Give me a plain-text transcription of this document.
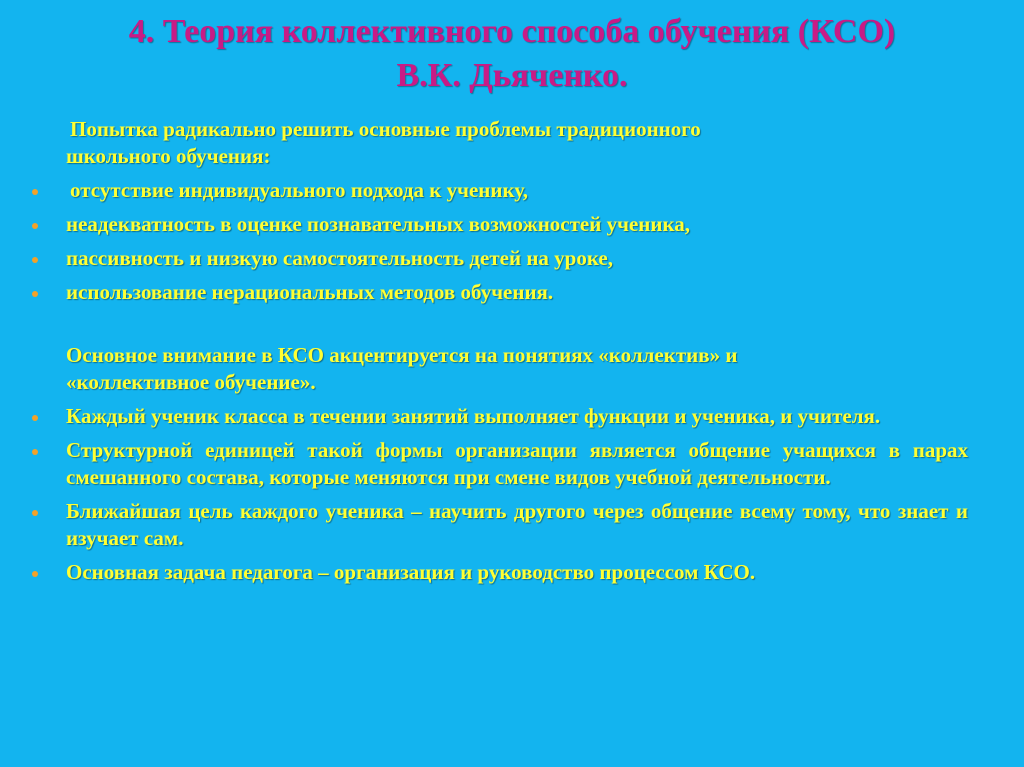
4. Теория коллективного способа обучения (КСО)
В.К. Дьяченко.

Попытка радикально решить основные проблемы традиционного

школьного обучения:

отсутствие индивидуального подхода к ученику,
неадекватность в оценке познавательных возможностей ученика,
пассивность и низкую самостоятельность детей на уроке,
использование нерациональных методов обучения.

Основное внимание в КСО акцентируется на понятиях «коллектив» и

«коллективное обучение».

Каждый ученик класса в течении занятий выполняет функции и ученика, и учителя.
Структурной единицей такой формы организации является общение учащихся в парах смешанного состава, которые меняются при смене видов учебной деятельности.
Ближайшая цель каждого ученика – научить другого через общение всему тому, что знает и изучает сам.
Основная задача педагога – организация и руководство процессом КСО.
